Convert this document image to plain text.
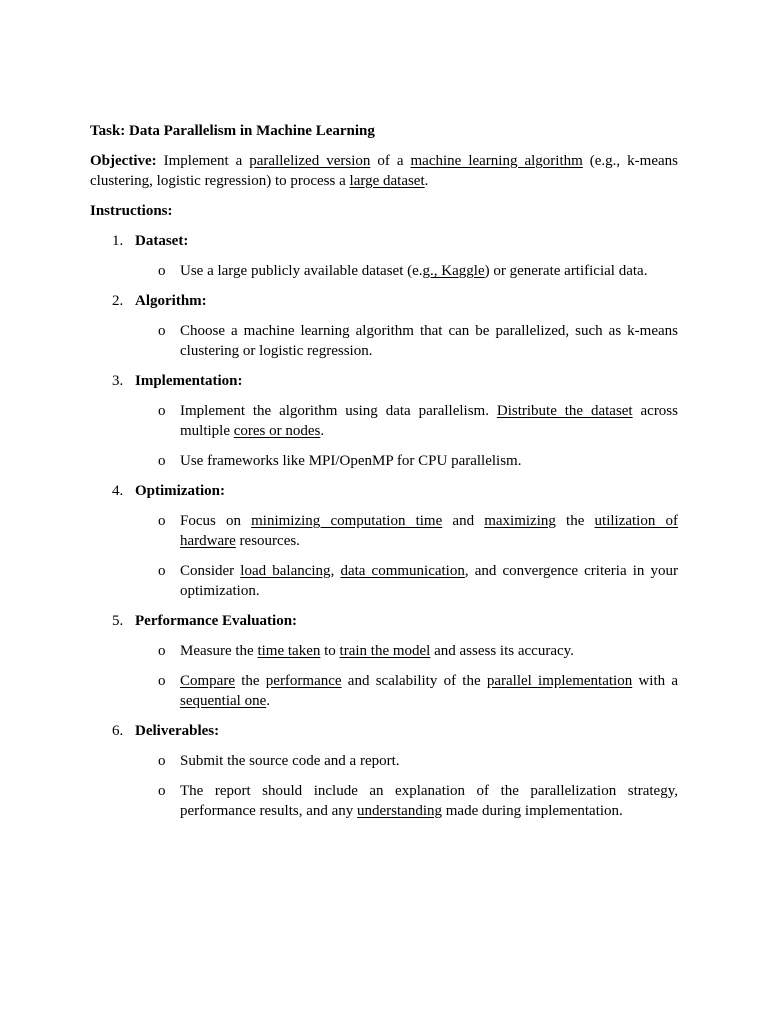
Task: Data Parallelism in Machine Learning
Objective: Implement a parallelized version of a machine learning algorithm (e.g., k-means clustering, logistic regression) to process a large dataset.
Instructions:
1. Dataset:
o Use a large publicly available dataset (e.g., Kaggle) or generate artificial data.
2. Algorithm:
o Choose a machine learning algorithm that can be parallelized, such as k-means clustering or logistic regression.
3. Implementation:
o Implement the algorithm using data parallelism. Distribute the dataset across multiple cores or nodes.
o Use frameworks like MPI/OpenMP for CPU parallelism.
4. Optimization:
o Focus on minimizing computation time and maximizing the utilization of hardware resources.
o Consider load balancing, data communication, and convergence criteria in your optimization.
5. Performance Evaluation:
o Measure the time taken to train the model and assess its accuracy.
o Compare the performance and scalability of the parallel implementation with a sequential one.
6. Deliverables:
o Submit the source code and a report.
o The report should include an explanation of the parallelization strategy, performance results, and any understanding made during implementation.
